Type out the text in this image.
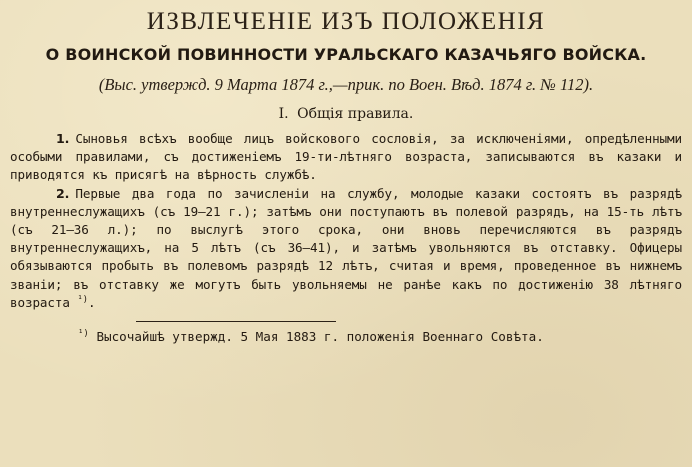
ИЗВЛЕЧЕНІЕ ИЗЪ ПОЛОЖЕНІЯ
О ВОИНСКОЙ ПОВИННОСТИ УРАЛЬСКАГО КАЗАЧЬЯГО ВОЙСКА.
(Выс. утвержд. 9 Марта 1874 г.,—прик. по Воен. Вѣд. 1874 г. № 112).
I. Общія правила.

1. Сыновья всѣхъ вообще лицъ войскового сословія, за исключеніями, опредѣленными особыми правилами, съ достиженіемъ 19-ти-лѣтняго возраста, записываются въ казаки и приводятся къ присягѣ на вѣрность службѣ.

2. Первые два года по зачисленіи на службу, молодые казаки состоятъ въ разрядѣ внутреннеслужащихъ (съ 19—21 г.); затѣмъ они поступаютъ въ полевой разрядъ, на 15-ть лѣтъ (съ 21—36 л.); по выслугѣ этого срока, они вновь перечисляются въ разрядъ внутреннеслужащихъ, на 5 лѣтъ (съ 36—41), и затѣмъ увольняются въ отставку. Офицеры обязываются пробыть въ полевомъ разрядѣ 12 лѣтъ, считая и время, проведенное въ нижнемъ званіи; въ отставку же могутъ быть увольняемы не ранѣе какъ по достиженію 38 лѣтняго возраста $^{^1)}$.

$^{^1)}$ Высочайшѣ утвержд. 5 Мая 1883 г. положенія Военнаго Совѣта.
